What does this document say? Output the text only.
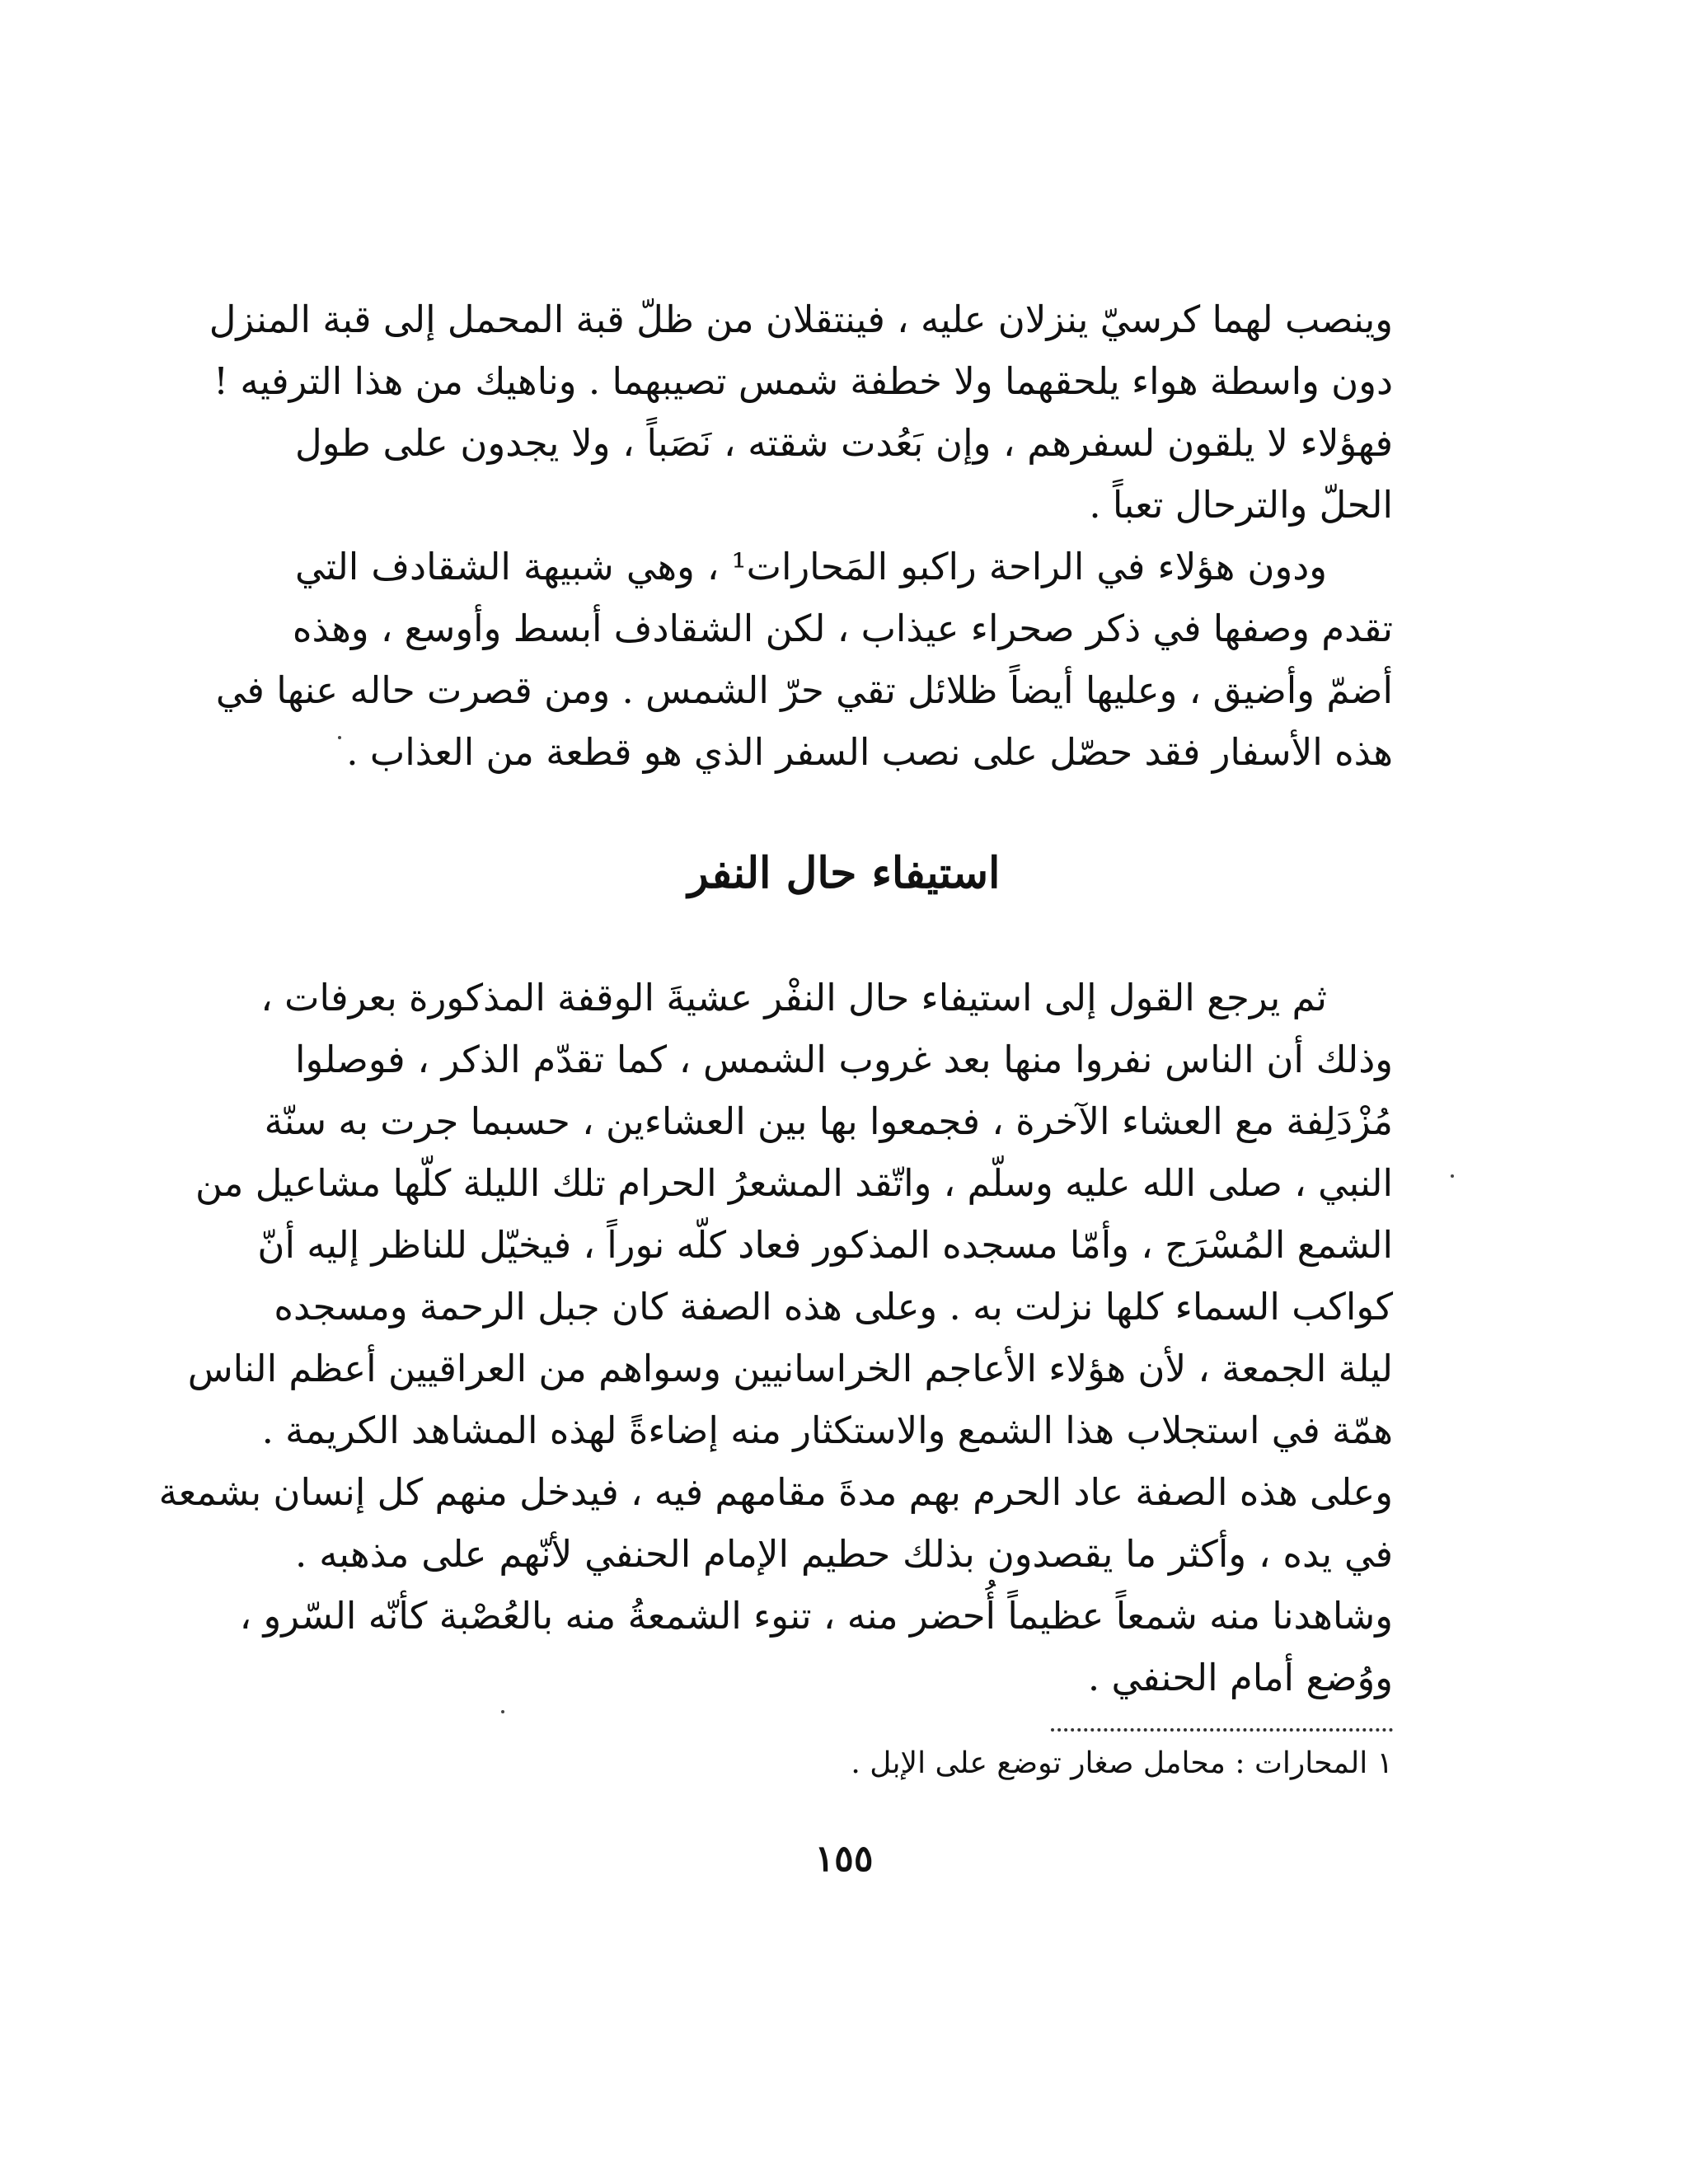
وينصب لهما كرسيّ ينزلان عليه ، فينتقلان من ظلّ قبة المحمل إلى قبة المنزل
دون واسطة هواء يلحقهما ولا خطفة شمس تصيبهما . وناهيك من هذا الترفيه !
فهؤلاء لا يلقون لسفرهم ، وإن بَعُدت شقته ، نَصَباً ، ولا يجدون على طول
الحلّ والترحال تعباً .
ودون هؤلاء في الراحة راكبو المَحارات¹ ، وهي شبيهة الشقادف التي
تقدم وصفها في ذكر صحراء عيذاب ، لكن الشقادف أبسط وأوسع ، وهذه
أضمّ وأضيق ، وعليها أيضاً ظلائل تقي حرّ الشمس . ومن قصرت حاله عنها في
هذه الأسفار فقد حصّل على نصب السفر الذي هو قطعة من العذاب .
استيفاء حال النفر
ثم يرجع القول إلى استيفاء حال النفْر عشيةَ الوقفة المذكورة بعرفات ،
وذلك أن الناس نفروا منها بعد غروب الشمس ، كما تقدّم الذكر ، فوصلوا
مُزْدَلِفة مع العشاء الآخرة ، فجمعوا بها بين العشاءين ، حسبما جرت به سنّة
النبي ، صلى الله عليه وسلّم ، واتّقد المشعرُ الحرام تلك الليلة كلّها مشاعيل من
الشمع المُسْرَج ، وأمّا مسجده المذكور فعاد كلّه نوراً ، فيخيّل للناظر إليه أنّ
كواكب السماء كلها نزلت به . وعلى هذه الصفة كان جبل الرحمة ومسجده
ليلة الجمعة ، لأن هؤلاء الأعاجم الخراسانيين وسواهم من العراقيين أعظم الناس
همّة في استجلاب هذا الشمع والاستكثار منه إضاءةً لهذه المشاهد الكريمة .
وعلى هذه الصفة عاد الحرم بهم مدةَ مقامهم فيه ، فيدخل منهم كل إنسان بشمعة
في يده ، وأكثر ما يقصدون بذلك حطيم الإمام الحنفي لأنّهم على مذهبه .
وشاهدنا منه شمعاً عظيماً أُحضر منه ، تنوء الشمعةُ منه بالعُصْبة كأنّه السّرو ،
ووُضع أمام الحنفي .
١ المحارات : محامل صغار توضع على الإبل .
١٥٥
